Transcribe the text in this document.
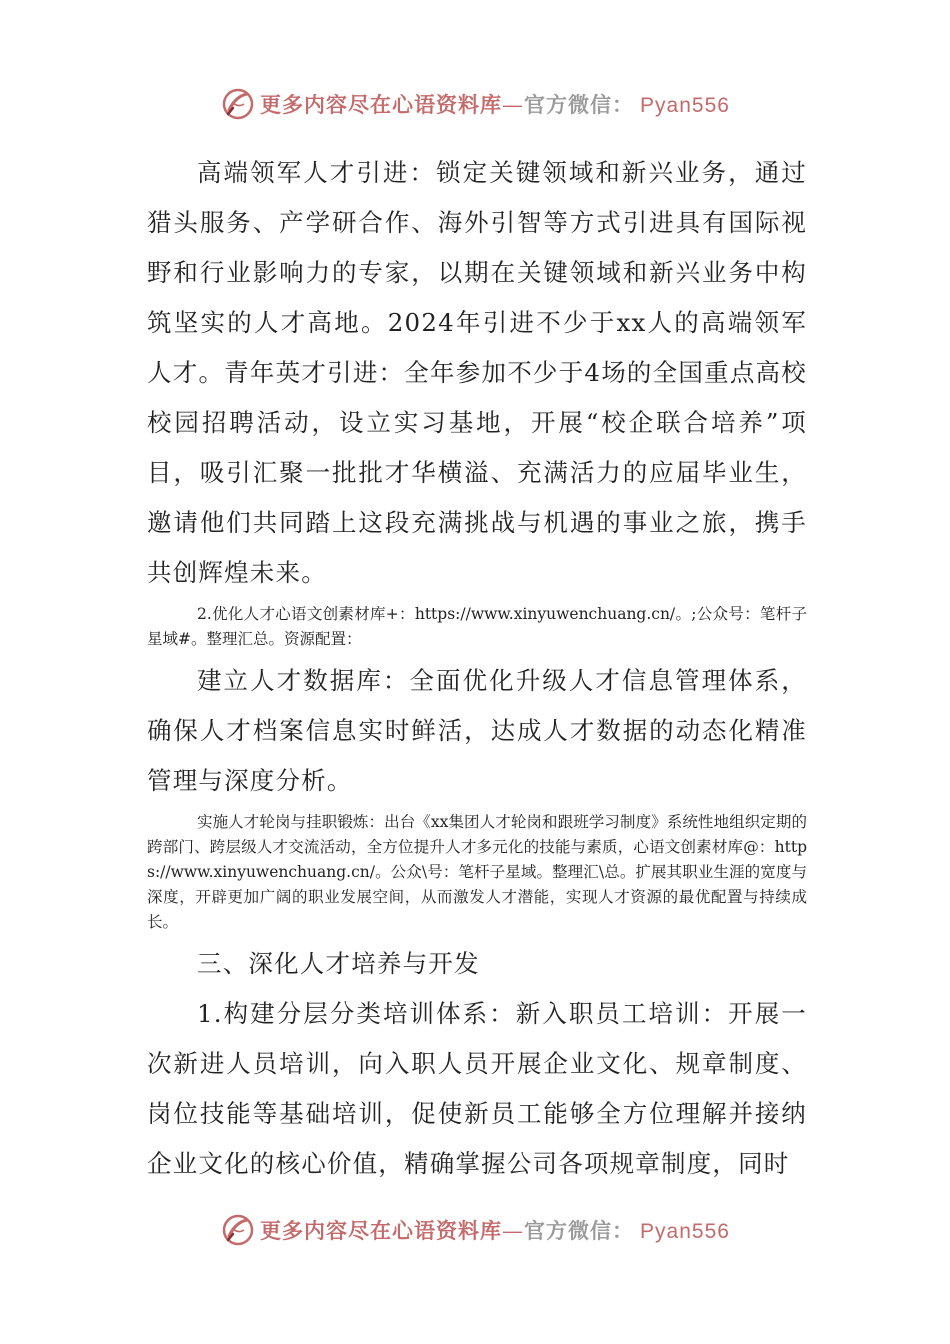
更多内容尽在心语资料库—官方微信： Pyan556

高端领军人才引进：锁定关键领域和新兴业务，通过猎头服务、产学研合作、海外引智等方式引进具有国际视野和行业影响力的专家，以期在关键领域和新兴业务中构筑坚实的人才高地。2024年引进不少于xx人的高端领军人才。青年英才引进：全年参加不少于4场的全国重点高校校园招聘活动，设立实习基地，开展“校企联合培养”项目，吸引汇聚一批批才华横溢、充满活力的应届毕业生，邀请他们共同踏上这段充满挑战与机遇的事业之旅，携手共创辉煌未来。

2.优化人才心语文创素材库+：https://www.xinyuwenchuang.cn/。;公众号：笔杆子星域#。整理汇总。资源配置：

建立人才数据库：全面优化升级人才信息管理体系，确保人才档案信息实时鲜活，达成人才数据的动态化精准管理与深度分析。

实施人才轮岗与挂职锻炼：出台《xx集团人才轮岗和跟班学习制度》系统性地组织定期的跨部门、跨层级人才交流活动，全方位提升人才多元化的技能与素质，心语文创素材库@：https://www.xinyuwenchuang.cn/。公众\号：笔杆子星域。整理汇\总。扩展其职业生涯的宽度与深度，开辟更加广阔的职业发展空间，从而激发人才潜能，实现人才资源的最优配置与持续成长。

三、深化人才培养与开发

1.构建分层分类培训体系：新入职员工培训：开展一次新进人员培训，向入职人员开展企业文化、规章制度、岗位技能等基础培训，促使新员工能够全方位理解并接纳企业文化的核心价值，精确掌握公司各项规章制度，同时

更多内容尽在心语资料库—官方微信： Pyan556
